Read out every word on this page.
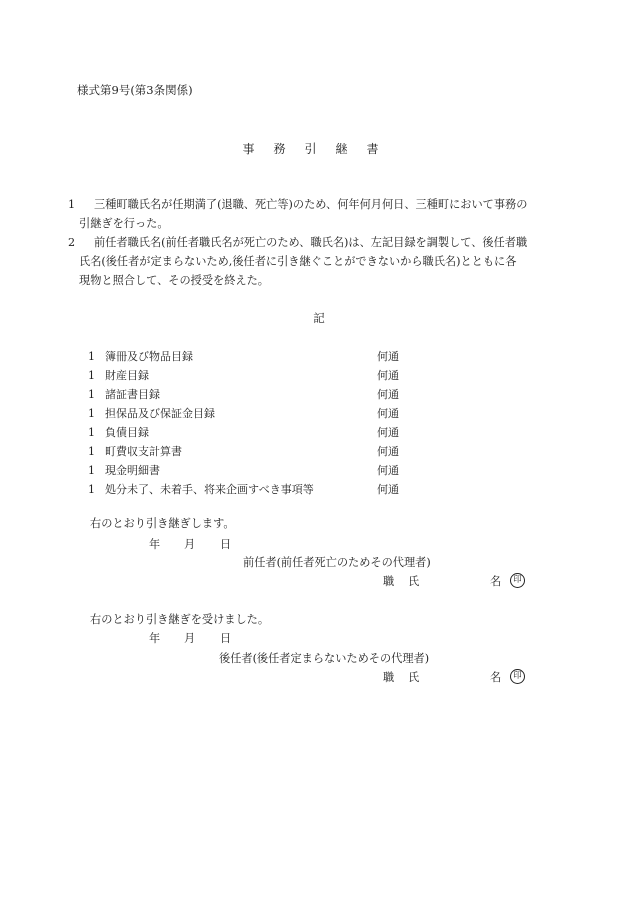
様式第9号(第3条関係)
事務引継書
1 三種町職氏名が任期満了(退職、死亡等)のため、何年何月何日、三種町において事務の
引継ぎを行った。
2 前任者職氏名(前任者職氏名が死亡のため、職氏名)は、左記目録を調製して、後任者職
氏名(後任者が定まらないため,後任者に引き継ぐことができないから職氏名)とともに各
現物と照合して、その授受を終えた。
記
1 簿冊及び物品目録	何通
1 財産目録	何通
1 諸証書目録	何通
1 担保品及び保証金目録	何通
1 負債目録	何通
1 町費収支計算書	何通
1 現金明細書	何通
1 処分未了、未着手、将来企画すべき事項等	何通
右のとおり引き継ぎします。
年 月 日
前任者(前任者死亡のためその代理者)
職 氏	名	印
右のとおり引き継ぎを受けました。
年 月 日
後任者(後任者定まらないためその代理者)
職 氏	名	印
